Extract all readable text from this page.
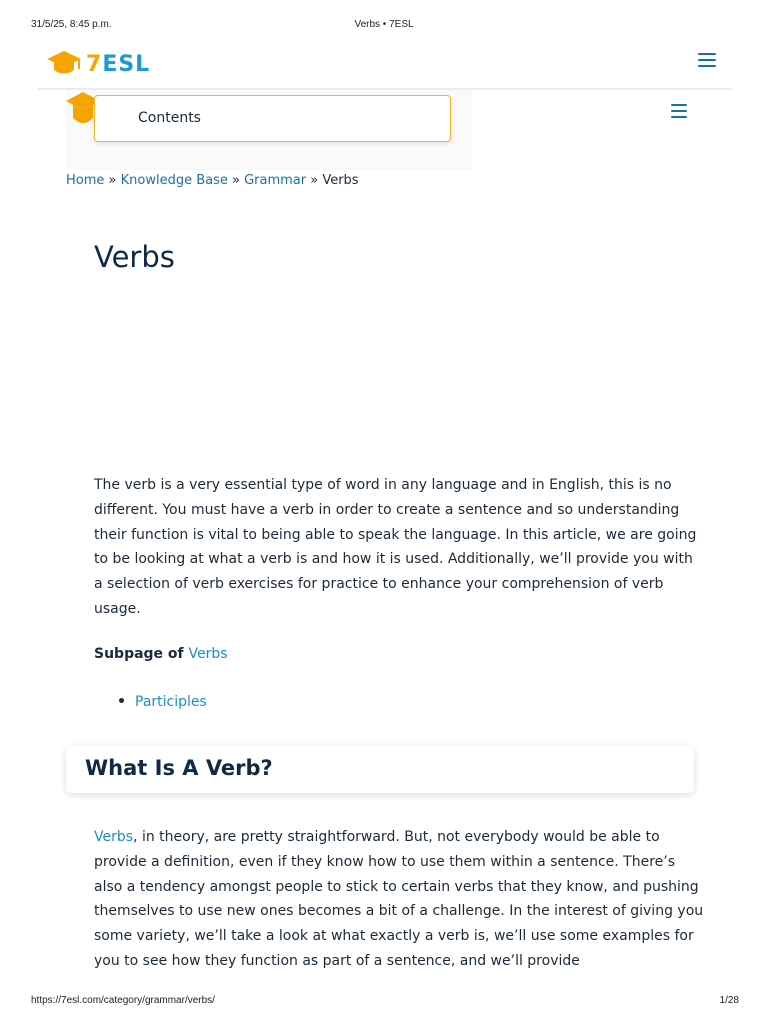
31/5/25, 8:45 p.m.	Verbs • 7ESL
7ESL
Contents
Home » Knowledge Base » Grammar » Verbs
Verbs

The verb is a very essential type of word in any language and in English, this is no different. You must have a verb in order to create a sentence and so understanding their function is vital to being able to speak the language. In this article, we are going to be looking at what a verb is and how it is used. Additionally, we’ll provide you with a selection of verb exercises for practice to enhance your comprehension of verb usage.

Subpage of Verbs
Participles
What Is A Verb?

Verbs, in theory, are pretty straightforward. But, not everybody would be able to provide a definition, even if they know how to use them within a sentence. There’s also a tendency amongst people to stick to certain verbs that they know, and pushing themselves to use new ones becomes a bit of a challenge. In the interest of giving you some variety, we’ll take a look at what exactly a verb is, we’ll use some examples for you to see how they function as part of a sentence, and we’ll provide

https://7esl.com/category/grammar/verbs/	1/28
